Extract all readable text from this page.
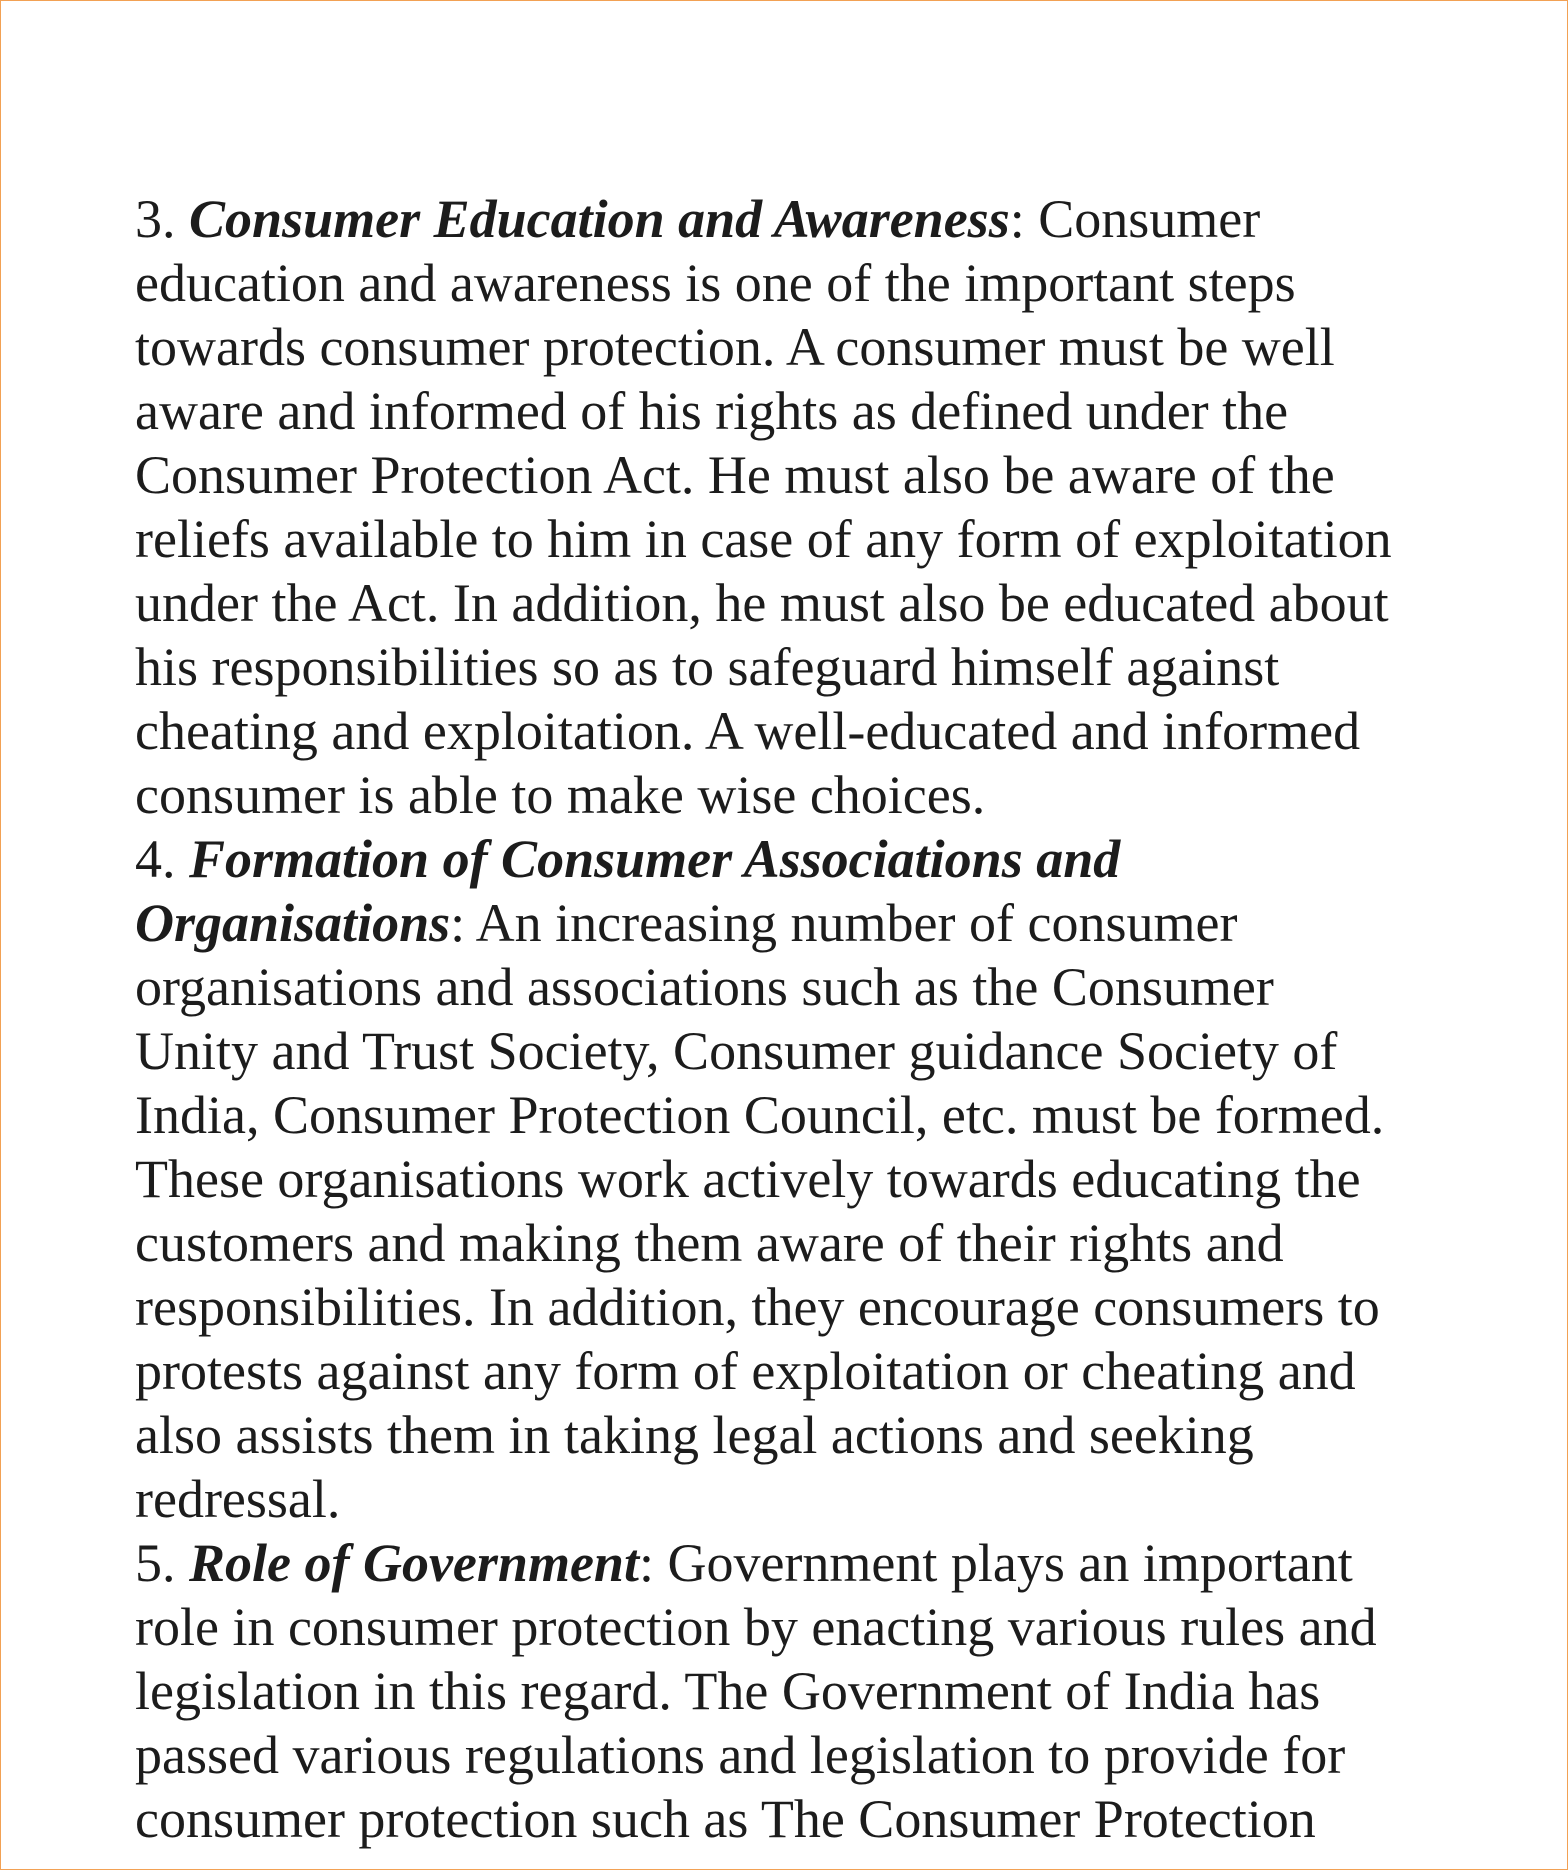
3. Consumer Education and Awareness: Consumer
education and awareness is one of the important steps
towards consumer protection. A consumer must be well
aware and informed of his rights as defined under the
Consumer Protection Act. He must also be aware of the
reliefs available to him in case of any form of exploitation
under the Act. In addition, he must also be educated about
his responsibilities so as to safeguard himself against
cheating and exploitation. A well-educated and informed
consumer is able to make wise choices.
4. Formation of Consumer Associations and
Organisations: An increasing number of consumer
organisations and associations such as the Consumer
Unity and Trust Society, Consumer guidance Society of
India, Consumer Protection Council, etc. must be formed.
These organisations work actively towards educating the
customers and making them aware of their rights and
responsibilities. In addition, they encourage consumers to
protests against any form of exploitation or cheating and
also assists them in taking legal actions and seeking
redressal.
5. Role of Government: Government plays an important
role in consumer protection by enacting various rules and
legislation in this regard. The Government of India has
passed various regulations and legislation to provide for
consumer protection such as The Consumer Protection
